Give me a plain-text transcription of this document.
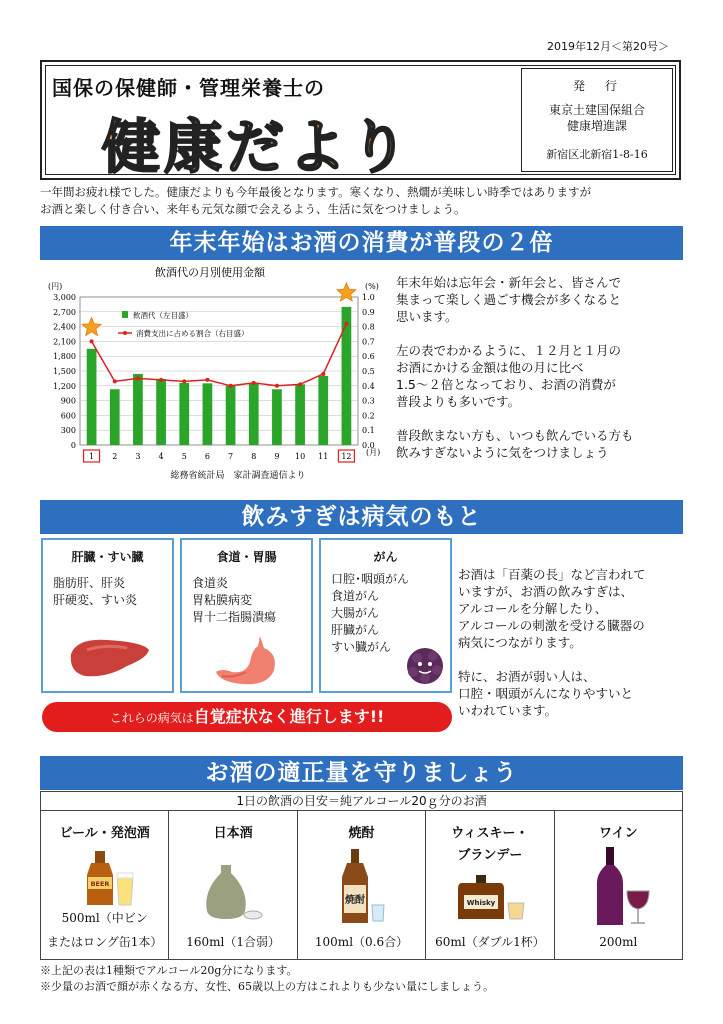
2019年12月＜第20号＞
国保の保健師・管理栄養士の
健康だより
発　行
東京土建国保組合
健康増進課
新宿区北新宿1-8-16
一年間お疲れ様でした。健康だよりも今年最後となります。寒くなり、熱燗が美味しい時季ではありますが
お酒と楽しく付き合い、来年も元気な顔で会えるよう、生活に気をつけましょう。
年末年始はお酒の消費が普段の２倍
飲酒代の月別使用金額
(円)	(%)
(月)
総務省統計局　家計調査通信より
0
300
600
900
1,200
1,500
1,800
2,100
2,400
2,700
3,000
0.0
0.1
0.2
0.3
0.4
0.5
0.6
0.7
0.8
0.9
1.0
1 2 3 4 5 6 7 8 9 10 11 12
飲酒代（左目盛）
消費支出に占める割合（右目盛）

年末年始は忘年会・新年会と、皆さんで
集まって楽しく過ごす機会が多くなると
思います。

左の表でわかるように、１２月と１月の
お酒にかける金額は他の月に比べ
1.5～２倍となっており、お酒の消費が
普段よりも多いです。

普段飲まない方も、いつも飲んでいる方も
飲みすぎないように気をつけましょう

飲みすぎは病気のもと
肝臓・すい臓
脂肪肝、肝炎
肝硬変、すい炎
食道・胃腸
食道炎
胃粘膜病変
胃十二指腸潰瘍
がん
口腔･咽頭がん
食道がん
大腸がん
肝臓がん
すい臓がん
これらの病気は自覚症状なく進行します!!

お酒は「百薬の長」など言われて
いますが、お酒の飲みすぎは、
アルコールを分解したり、
アルコールの刺激を受ける臓器の
病気につながります。

特に、お酒が弱い人は、
口腔・咽頭がんになりやすいと
いわれています。

お酒の適正量を守りましょう
1日の飲酒の目安＝純アルコール20ｇ分のお酒
ビール・発泡酒
BEER
500ml（中ビン
またはロング缶1本）
日本酒
160ml（1合弱）
焼酎
焼酎
100ml（0.6合）
ウィスキー・
ブランデー
Whisky
60ml（ダブル1杯）
ワイン
200ml
※上記の表は1種類でアルコール20g分になります。
※少量のお酒で顔が赤くなる方、女性、65歳以上の方はこれよりも少ない量にしましょう。
